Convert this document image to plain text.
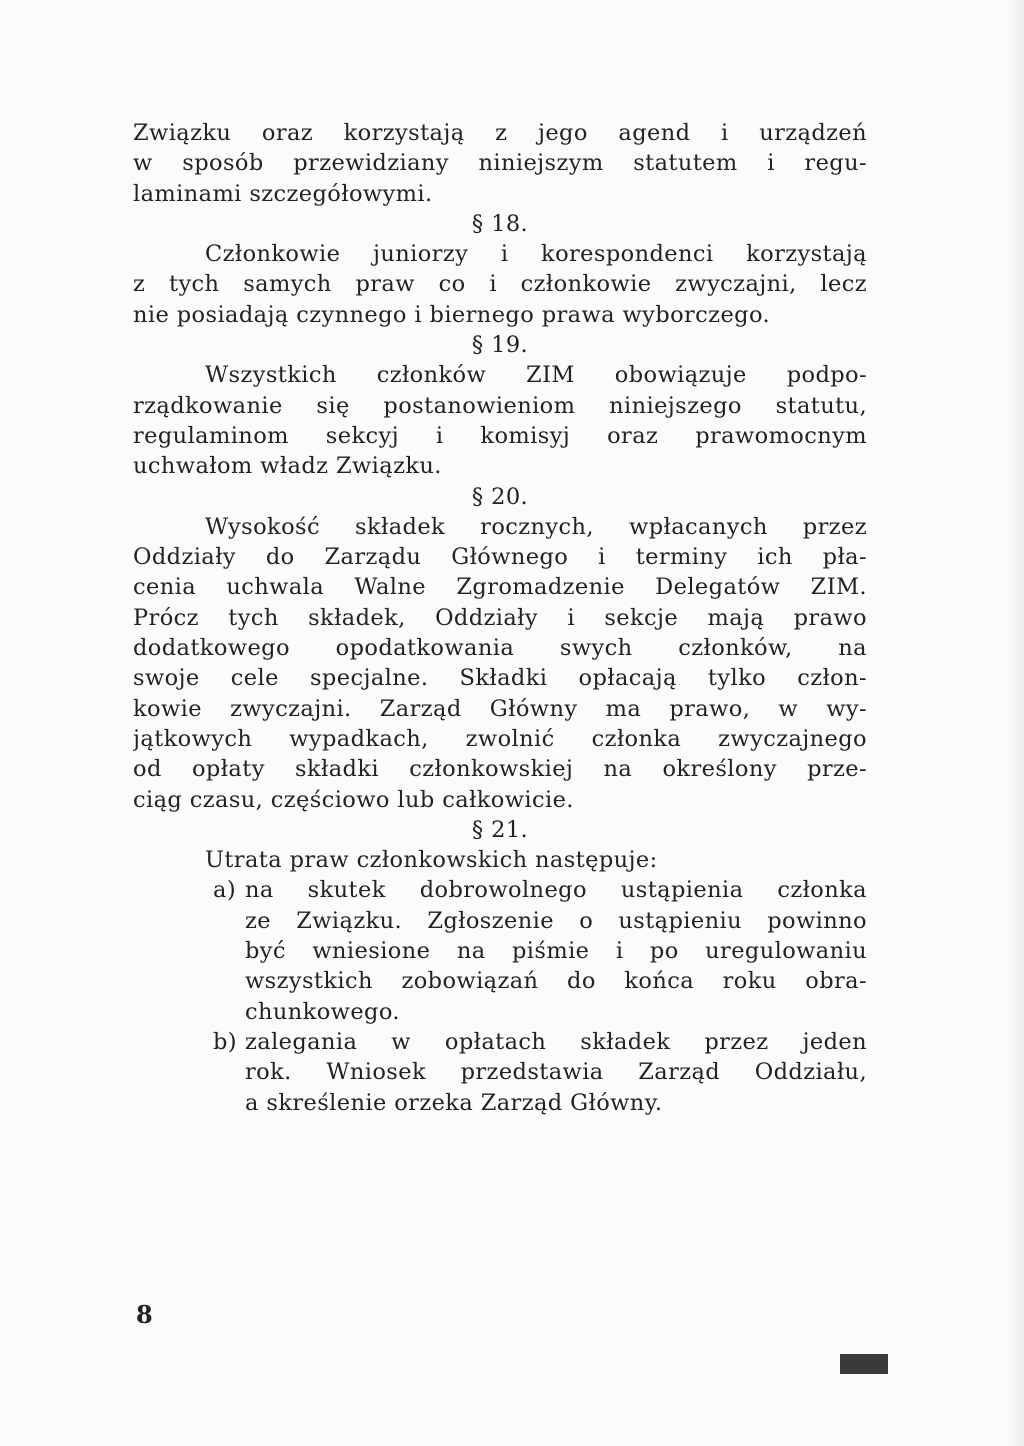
Związku oraz korzystają z jego agend i urządzeń
w sposób przewidziany niniejszym statutem i regu-
laminami szczegółowymi.
§ 18.
Członkowie juniorzy i korespondenci korzystają
z tych samych praw co i członkowie zwyczajni, lecz
nie posiadają czynnego i biernego prawa wyborczego.
§ 19.
Wszystkich członków ZIM obowiązuje podpo-
rządkowanie się postanowieniom niniejszego statutu,
regulaminom sekcyj i komisyj oraz prawomocnym
uchwałom władz Związku.
§ 20.
Wysokość składek rocznych, wpłacanych przez
Oddziały do Zarządu Głównego i terminy ich pła-
cenia uchwala Walne Zgromadzenie Delegatów ZIM.
Prócz tych składek, Oddziały i sekcje mają prawo
dodatkowego opodatkowania swych członków, na
swoje cele specjalne. Składki opłacają tylko człon-
kowie zwyczajni. Zarząd Główny ma prawo, w wy-
jątkowych wypadkach, zwolnić członka zwyczajnego
od opłaty składki członkowskiej na określony prze-
ciąg czasu, częściowo lub całkowicie.
§ 21.
Utrata praw członkowskich następuje:
a) na skutek dobrowolnego ustąpienia członka
ze Związku. Zgłoszenie o ustąpieniu powinno
być wniesione na piśmie i po uregulowaniu
wszystkich zobowiązań do końca roku obra-
chunkowego.
b) zalegania w opłatach składek przez jeden
rok. Wniosek przedstawia Zarząd Oddziału,
a skreślenie orzeka Zarząd Główny.
8
